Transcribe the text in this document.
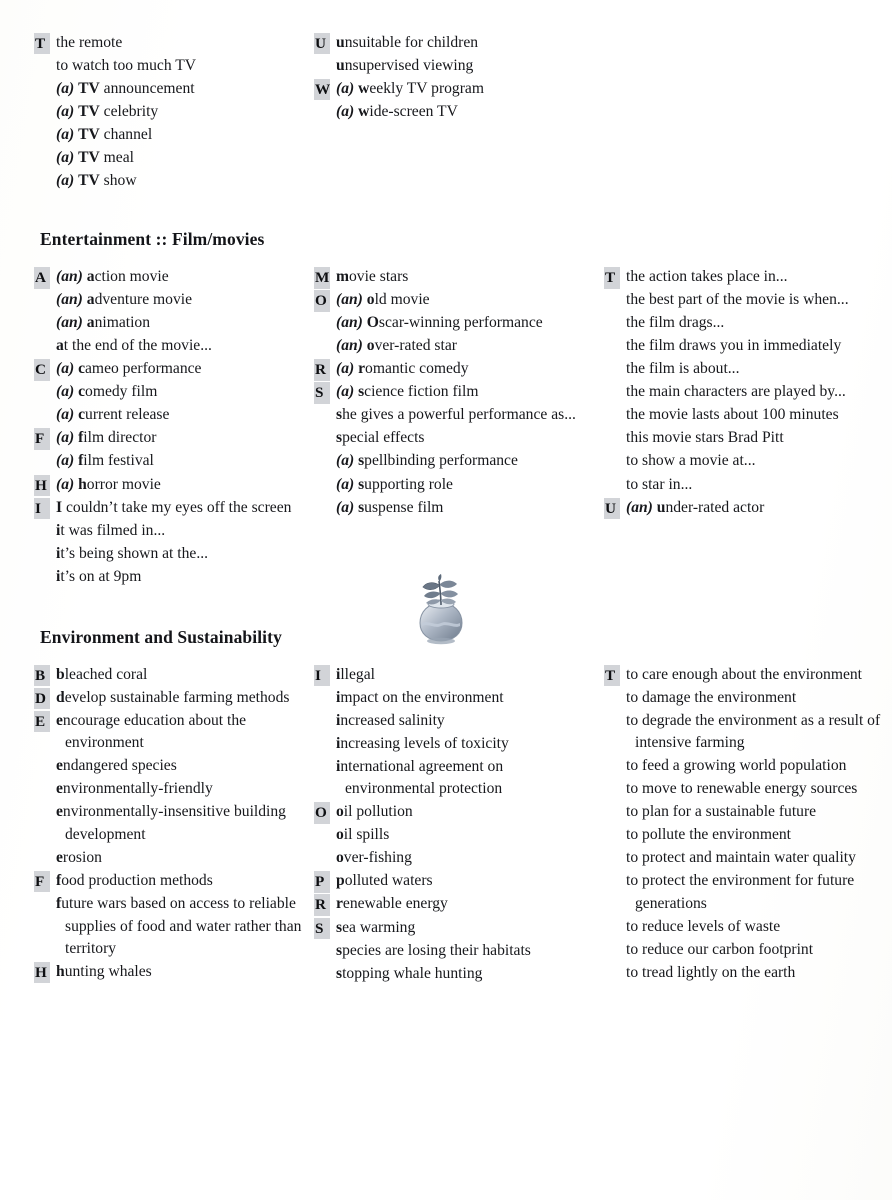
T the remote
to watch too much TV
(a) TV announcement
(a) TV celebrity
(a) TV channel
(a) TV meal
(a) TV show
U unsuitable for children
unsupervised viewing
W (a) weekly TV program
(a) wide-screen TV
Entertainment :: Film/movies
A (an) action movie
(an) adventure movie
(an) animation
at the end of the movie...
C (a) cameo performance
(a) comedy film
(a) current release
F (a) film director
(a) film festival
H (a) horror movie
I I couldn’t take my eyes off the screen
it was filmed in...
it’s being shown at the...
it’s on at 9pm
M movie stars
O (an) old movie
(an) Oscar-winning performance
(an) over-rated star
R (a) romantic comedy
S (a) science fiction film
she gives a powerful performance as...
special effects
(a) spellbinding performance
(a) supporting role
(a) suspense film
T the action takes place in...
the best part of the movie is when...
the film drags...
the film draws you in immediately
the film is about...
the main characters are played by...
the movie lasts about 100 minutes
this movie stars Brad Pitt
to show a movie at...
to star in...
U (an) under-rated actor
Environment and Sustainability
B bleached coral
D develop sustainable farming methods
E encourage education about the environment
endangered species
environmentally-friendly
environmentally-insensitive building development
erosion
F food production methods
future wars based on access to reliable supplies of food and water rather than territory
H hunting whales
I illegal
impact on the environment
increased salinity
increasing levels of toxicity
international agreement on environmental protection
O oil pollution
oil spills
over-fishing
P polluted waters
R renewable energy
S sea warming
species are losing their habitats
stopping whale hunting
T to care enough about the environment
to damage the environment
to degrade the environment as a result of intensive farming
to feed a growing world population
to move to renewable energy sources
to plan for a sustainable future
to pollute the environment
to protect and maintain water quality
to protect the environment for future generations
to reduce levels of waste
to reduce our carbon footprint
to tread lightly on the earth
